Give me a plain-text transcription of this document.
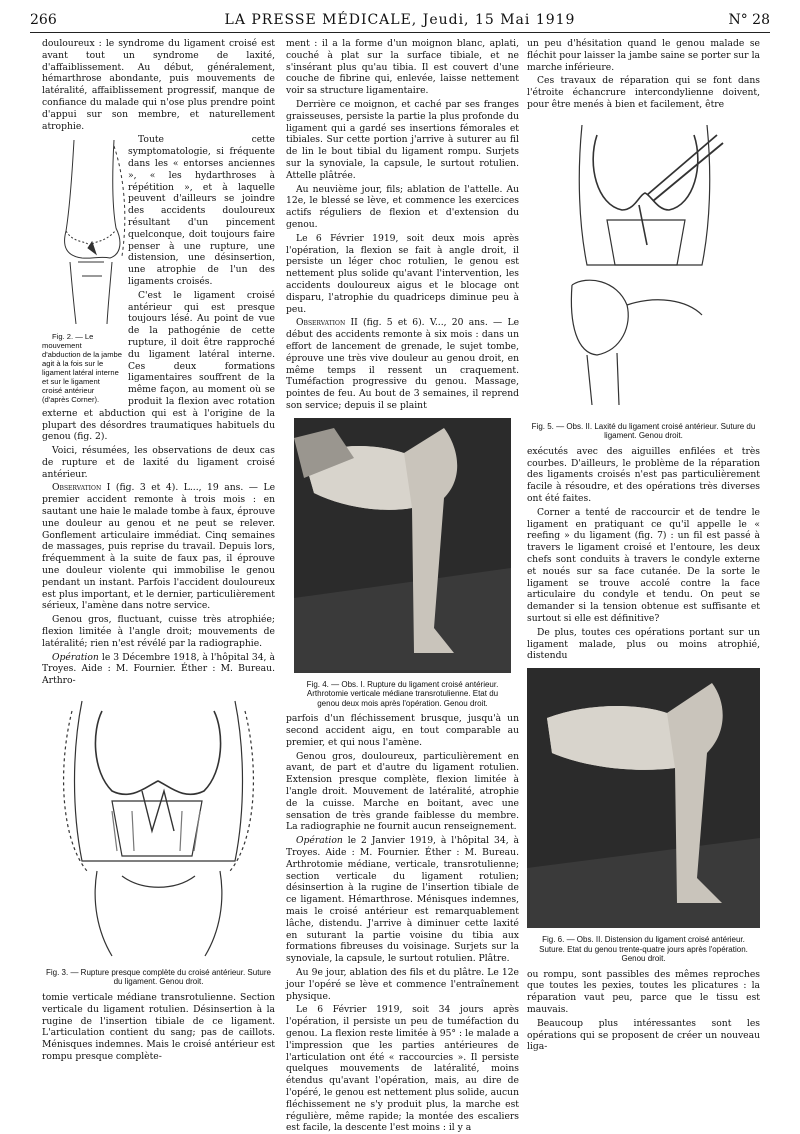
266	LA PRESSE MÉDICALE, Jeudi, 15 Mai 1919	N° 28

douloureux : le syndrome du ligament croisé est avant tout un syndrome de laxité, d'affaiblissement. Au début, généralement, hémarthrose abondante, puis mouvements de latéralité, affaiblissement progressif, manque de confiance du malade qui n'ose plus prendre point d'appui sur son membre, et naturellement atrophie.

Fig. 2. — Le mouvement d'abduction de la jambe agit à la fois sur le ligament latéral interne et sur le ligament croisé antérieur (d'après Corner).
Toute cette symptomatologie, si fréquente dans les « entorses anciennes », « les hydarthroses à répétition », et à laquelle peuvent d'ailleurs se joindre des accidents douloureux résultant d'un pincement quelconque, doit toujours faire penser à une rupture, une distension, une désinsertion, une atrophie de l'un des ligaments croisés.

C'est le ligament croisé antérieur qui est presque toujours lésé. Au point de vue de la pathogénie de cette rupture, il doit être rapproché du ligament latéral interne. Ces deux formations ligamentaires souffrent de la même façon, au moment où se produit la flexion avec rotation externe et abduction qui est à l'origine de la plupart des désordres traumatiques habituels du genou (fig. 2).

Voici, résumées, les observations de deux cas de rupture et de laxité du ligament croisé antérieur.

Observation I (fig. 3 et 4). L..., 19 ans. — Le premier accident remonte à trois mois : en sautant une haie le malade tombe à faux, éprouve une douleur au genou et ne peut se relever. Gonflement articulaire immédiat. Cinq semaines de massages, puis reprise du travail. Depuis lors, fréquemment à la suite de faux pas, il éprouve une douleur violente qui immobilise le genou pendant un instant. Parfois l'accident douloureux est plus important, et le dernier, particulièrement sérieux, l'amène dans notre service.

Genou gros, fluctuant, cuisse très atrophiée; flexion limitée à l'angle droit; mouvements de latéralité; rien n'est révélé par la radiographie.

Opération le 3 Décembre 1918, à l'hôpital 34, à Troyes. Aide : M. Fournier. Éther : M. Bureau. Arthro-

Fig. 3. — Rupture presque complète du croisé antérieur. Suture du ligament. Genou droit.

tomie verticale médiane transrotulienne. Section verticale du ligament rotulien. Désinsertion à la rugine de l'insertion tibiale de ce ligament. L'articulation contient du sang; pas de caillots. Ménisques indemnes. Mais le croisé antérieur est rompu presque complète-

ment : il a la forme d'un moignon blanc, aplati, couché à plat sur la surface tibiale, et ne s'insérant plus qu'au tibia. Il est couvert d'une couche de fibrine qui, enlevée, laisse nettement voir sa structure ligamentaire.

Derrière ce moignon, et caché par ses franges graisseuses, persiste la partie la plus profonde du ligament qui a gardé ses insertions fémorales et tibiales. Sur cette portion j'arrive à suturer au fil de lin le bout tibial du ligament rompu. Surjets sur la synoviale, la capsule, le surtout rotulien. Attelle plâtrée.

Au neuvième jour, fils; ablation de l'attelle. Au 12e, le blessé se lève, et commence les exercices actifs réguliers de flexion et d'extension du genou.

Le 6 Février 1919, soit deux mois après l'opération, la flexion se fait à angle droit, il persiste un léger choc rotulien, le genou est nettement plus solide qu'avant l'intervention, les accidents douloureux aigus et le blocage ont disparu, l'atrophie du quadriceps diminue peu à peu.

Observation II (fig. 5 et 6). V..., 20 ans. — Le début des accidents remonte à six mois : dans un effort de lancement de grenade, le sujet tombe, éprouve une très vive douleur au genou droit, en même temps il ressent un craquement. Tuméfaction progressive du genou. Massage, pointes de feu. Au bout de 3 semaines, il reprend son service; depuis il se plaint

Fig. 4. — Obs. I. Rupture du ligament croisé antérieur. Arthrotomie verticale médiane transrotulienne. Etat du genou deux mois après l'opération. Genou droit.

parfois d'un fléchissement brusque, jusqu'à un second accident aigu, en tout comparable au premier, et qui nous l'amène.

Genou gros, douloureux, particulièrement en avant, de part et d'autre du ligament rotulien. Extension presque complète, flexion limitée à l'angle droit. Mouvement de latéralité, atrophie de la cuisse. Marche en boitant, avec une sensation de très grande faiblesse du membre. La radiographie ne fournit aucun renseignement.

Opération le 2 Janvier 1919, à l'hôpital 34, à Troyes. Aide : M. Fournier. Éther : M. Bureau. Arthrotomie médiane, verticale, transrotulienne; section verticale du ligament rotulien; désinsertion à la rugine de l'insertion tibiale de ce ligament. Hémarthrose. Ménisques indemnes, mais le croisé antérieur est remarquablement lâche, distendu. J'arrive à diminuer cette laxité en suturant la partie voisine du tibia aux formations fibreuses du voisinage. Surjets sur la synoviale, la capsule, le surtout rotulien. Plâtre.

Au 9e jour, ablation des fils et du plâtre. Le 12e jour l'opéré se lève et commence l'entraînement physique.

Le 6 Février 1919, soit 34 jours après l'opération, il persiste un peu de tuméfaction du genou. La flexion reste limitée à 95° : le malade a l'impression que les parties antérieures de l'articulation ont été « raccourcies ». Il persiste quelques mouvements de latéralité, moins étendus qu'avant l'opération, mais, au dire de l'opéré, le genou est nettement plus solide, aucun fléchissement ne s'y produit plus, la marche est régulière, même rapide; la montée des escaliers est facile, la descente l'est moins : il y a

un peu d'hésitation quand le genou malade se fléchit pour laisser la jambe saine se porter sur la marche inférieure.

Ces travaux de réparation qui se font dans l'étroite échancrure intercondylienne doivent, pour être menés à bien et facilement, être

Fig. 5. — Obs. II. Laxité du ligament croisé antérieur. Suture du ligament. Genou droit.

exécutés avec des aiguilles enfilées et très courbes. D'ailleurs, le problème de la réparation des ligaments croisés n'est pas particulièrement facile à résoudre, et des opérations très diverses ont été faites.

Corner a tenté de raccourcir et de tendre le ligament en pratiquant ce qu'il appelle le « reefing » du ligament (fig. 7) : un fil est passé à travers le ligament croisé et l'entoure, les deux chefs sont conduits à travers le condyle externe et noués sur sa face cutanée. De la sorte le ligament se trouve accolé contre la face articulaire du condyle et tendu. On peut se demander si la tension obtenue est suffisante et surtout si elle est définitive?

De plus, toutes ces opérations portant sur un ligament malade, plus ou moins atrophié, distendu

Fig. 6. — Obs. II. Distension du ligament croisé antérieur. Suture. Etat du genou trente-quatre jours après l'opération. Genou droit.

ou rompu, sont passibles des mêmes reproches que toutes les pexies, toutes les plicatures : la réparation vaut peu, parce que le tissu est mauvais.

Beaucoup plus intéressantes sont les opérations qui se proposent de créer un nouveau liga-
